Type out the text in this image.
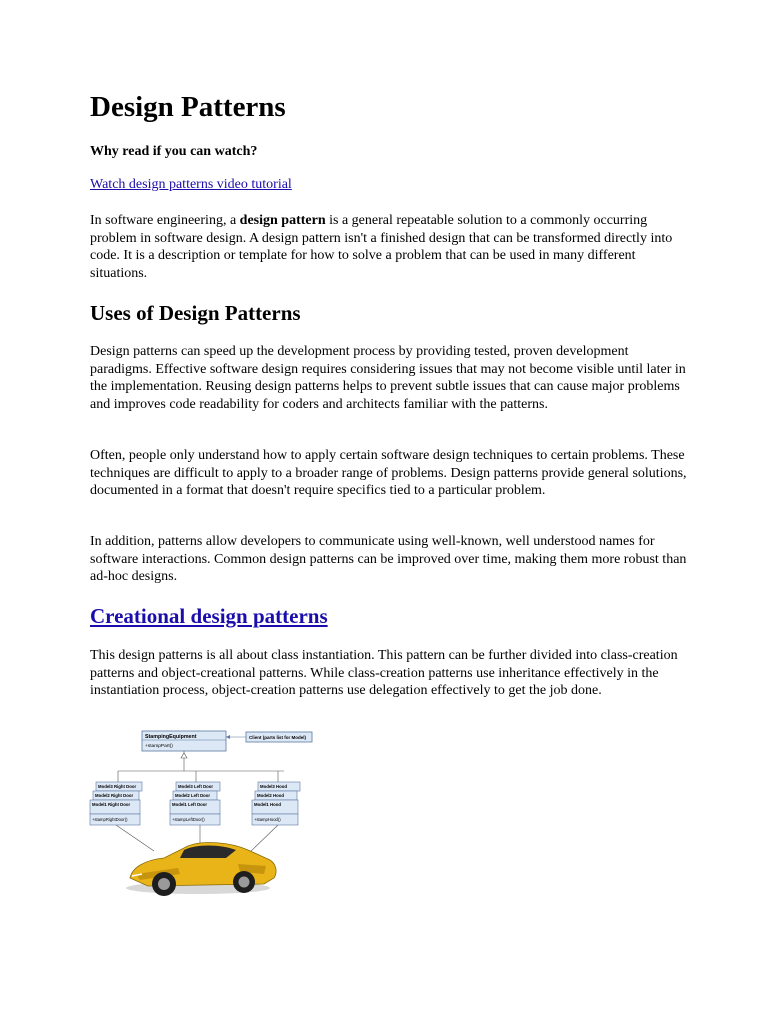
Design Patterns
Why read if you can watch?
Watch design patterns video tutorial

In software engineering, a design pattern is a general repeatable solution to a commonly occurring problem in software design. A design pattern isn't a finished design that can be transformed directly into code. It is a description or template for how to solve a problem that can be used in many different situations.

Uses of Design Patterns

Design patterns can speed up the development process by providing tested, proven development paradigms. Effective software design requires considering issues that may not become visible until later in the implementation. Reusing design patterns helps to prevent subtle issues that can cause major problems and improves code readability for coders and architects familiar with the patterns.

Often, people only understand how to apply certain software design techniques to certain problems. These techniques are difficult to apply to a broader range of problems. Design patterns provide general solutions, documented in a format that doesn't require specifics tied to a particular problem.

In addition, patterns allow developers to communicate using well-known, well understood names for software interactions. Common design patterns can be improved over time, making them more robust than ad-hoc designs.

Creational design patterns

This design patterns is all about class instantiation. This pattern can be further divided into class-creation patterns and object-creational patterns. While class-creation patterns use inheritance effectively in the instantiation process, object-creation patterns use delegation effectively to get the job done.

StampingEquipment
+stampPart()
Client (parts list for Model)
Model3 Right Door
Model2 Right Door
Model1 Right Door
+stampRightDoor()
Model3 Left Door
Model2 Left Door
Model1 Left Door
+stampLeftDoor()
Model3 Hood
Model2 Hood
Model1 Hood
+stampHood()
